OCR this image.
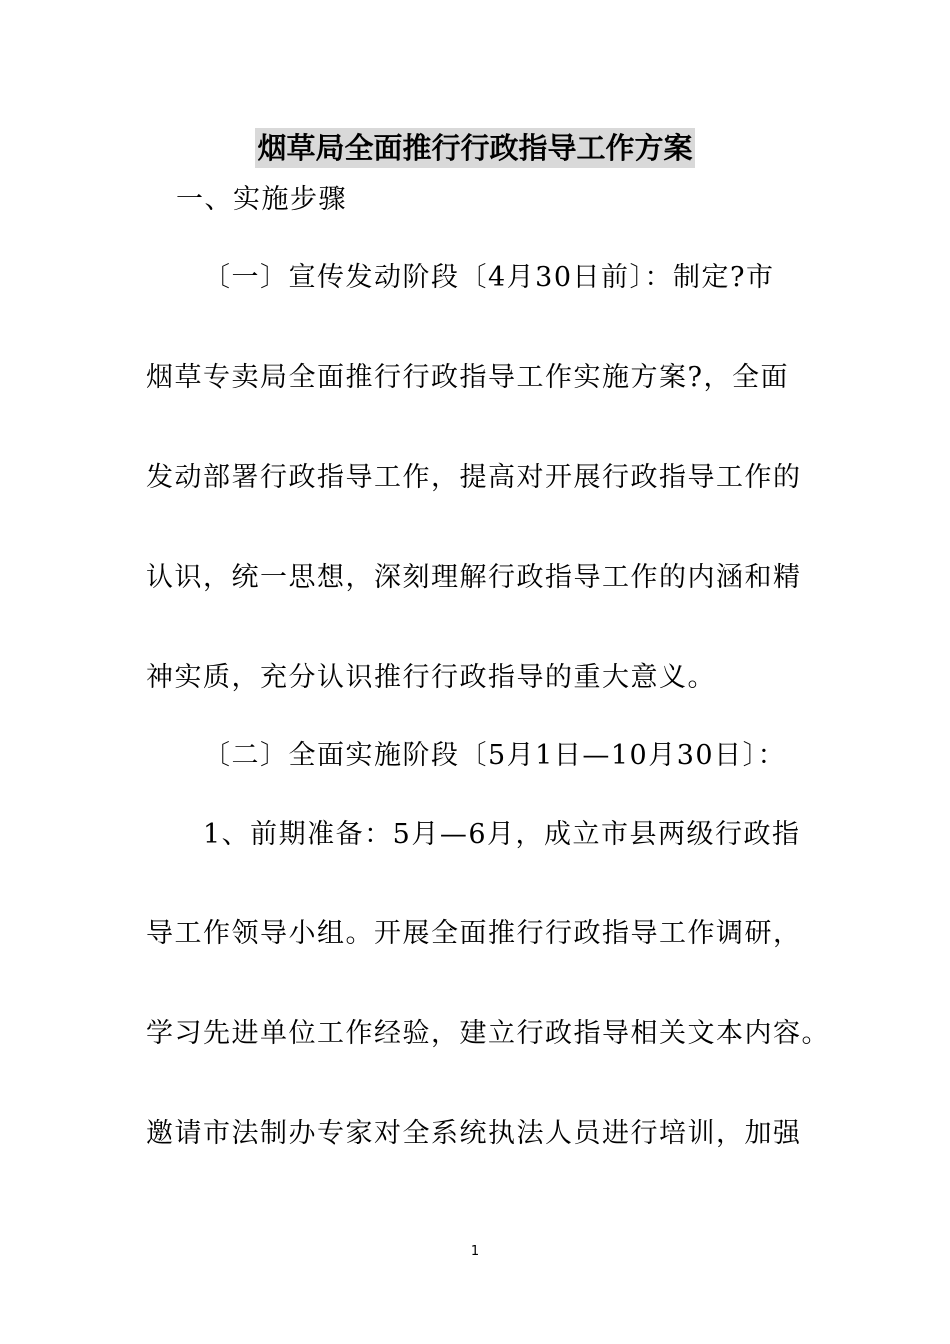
烟草局全面推行行政指导工作方案
一、实施步骤
〔一〕宣传发动阶段〔4月30日前〕：制定?市
烟草专卖局全面推行行政指导工作实施方案?，全面
发动部署行政指导工作，提高对开展行政指导工作的
认识，统一思想，深刻理解行政指导工作的内涵和精
神实质，充分认识推行行政指导的重大意义。
〔二〕全面实施阶段〔5月1日—10月30日〕：
1、前期准备：5月—6月，成立市县两级行政指
导工作领导小组。开展全面推行行政指导工作调研，
学习先进单位工作经验，建立行政指导相关文本内容。
邀请市法制办专家对全系统执法人员进行培训，加强
1
